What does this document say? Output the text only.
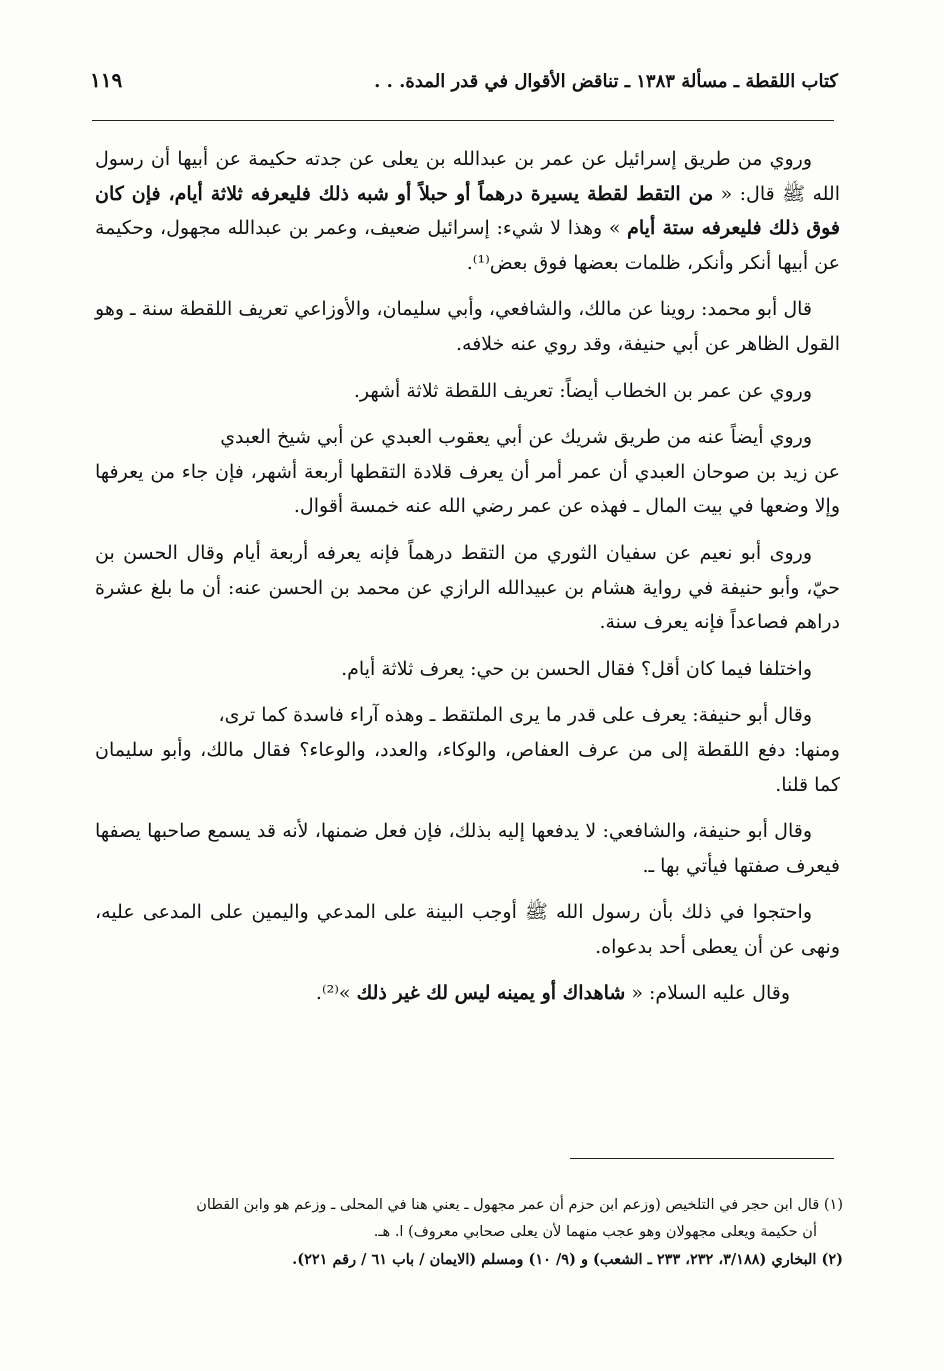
كتاب اللقطة ـ مسألة ١٣٨٣ ـ تناقض الأقوال في قدر المدة. . .
١١٩

وروي من طريق إسرائيل عن عمر بن عبدالله بن يعلى عن جدته حكيمة عن أبيها أن رسول الله ﷺ قال: « من التقط لقطة يسيرة درهماً أو حبلاً أو شبه ذلك فليعرفه ثلاثة أيام، فإن كان فوق ذلك فليعرفه ستة أيام » وهذا لا شيء: إسرائيل ضعيف، وعمر بن عبدالله مجهول، وحكيمة عن أبيها أنكر وأنكر، ظلمات بعضها فوق بعض⁽¹⁾.

قال أبو محمد: روينا عن مالك، والشافعي، وأبي سليمان، والأوزاعي تعريف اللقطة سنة ـ وهو القول الظاهر عن أبي حنيفة، وقد روي عنه خلافه.

وروي عن عمر بن الخطاب أيضاً: تعريف اللقطة ثلاثة أشهر.

وروي أيضاً عنه من طريق شريك عن أبي يعقوب العبدي عن أبي شيخ العبدي

عن زيد بن صوحان العبدي أن عمر أمر أن يعرف قلادة التقطها أربعة أشهر، فإن جاء من يعرفها وإلا وضعها في بيت المال ـ فهذه عن عمر رضي الله عنه خمسة أقوال.

وروى أبو نعيم عن سفيان الثوري من التقط درهماً فإنه يعرفه أربعة أيام وقال الحسن بن حيّ، وأبو حنيفة في رواية هشام بن عبيدالله الرازي عن محمد بن الحسن عنه: أن ما بلغ عشرة دراهم فصاعداً فإنه يعرف سنة.

واختلفا فيما كان أقل؟ فقال الحسن بن حي: يعرف ثلاثة أيام.

وقال أبو حنيفة: يعرف على قدر ما يرى الملتقط ـ وهذه آراء فاسدة كما ترى،

ومنها: دفع اللقطة إلى من عرف العفاص، والوكاء، والعدد، والوعاء؟ فقال مالك، وأبو سليمان كما قلنا.

وقال أبو حنيفة، والشافعي: لا يدفعها إليه بذلك، فإن فعل ضمنها، لأنه قد يسمع صاحبها يصفها فيعرف صفتها فيأتي بها ـ.

واحتجوا في ذلك بأن رسول الله ﷺ أوجب البينة على المدعي واليمين على المدعى عليه، ونهى عن أن يعطى أحد بدعواه.

وقال عليه السلام: « شاهداك أو يمينه ليس لك غير ذلك »⁽²⁾.

(١) قال ابن حجر في التلخيص (وزعم ابن حزم أن عمر مجهول ـ يعني هنا في المحلى ـ وزعم هو وابن القطان
أن حكيمة ويعلى مجهولان وهو عجب منهما لأن يعلى صحابي معروف) ا. هـ.
(٢) البخاري (٣/١٨٨، ٢٣٢، ٢٣٣ ـ الشعب) و (٩/ ١٠) ومسلم (الايمان / باب ٦١ / رقم ٢٢١).
